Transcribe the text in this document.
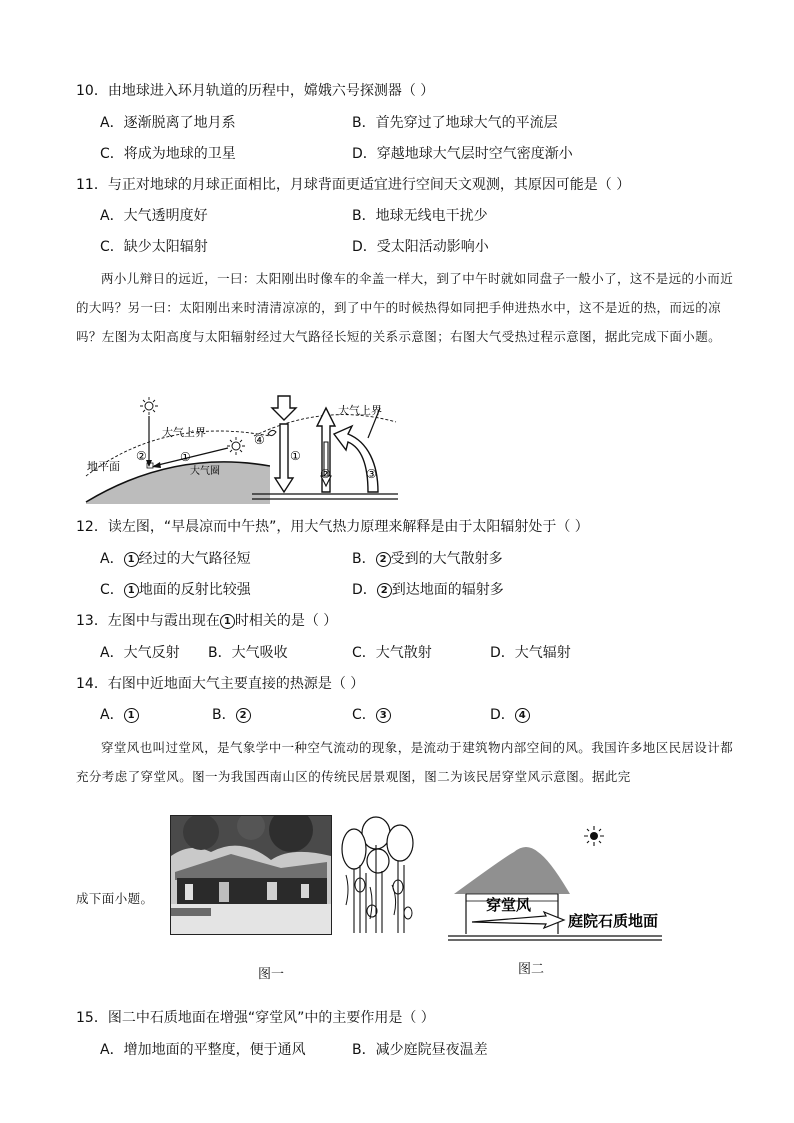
10．由地球进入环月轨道的历程中，嫦娥六号探测器（ ）
A．逐渐脱离了地月系	B．首先穿过了地球大气的平流层
C．将成为地球的卫星	D．穿越地球大气层时空气密度渐小
11．与正对地球的月球正面相比，月球背面更适宜进行空间天文观测，其原因可能是（ ）
A．大气透明度好	B．地球无线电干扰少
C．缺少太阳辐射	D．受太阳活动影响小
两小儿辩日的远近，一曰：太阳刚出时像车的伞盖一样大，到了中午时就如同盘子一般小了，这不是远的小而近的大吗？另一曰：太阳刚出来时清清凉凉的，到了中午的时候热得如同把手伸进热水中，这不是近的热，而远的凉吗？左图为太阳高度与太阳辐射经过大气路径长短的关系示意图；右图大气受热过程示意图，据此完成下面小题。
大气上界
②	①
地平面	大气圈
④
①
②	③
大气上界
12．读左图，“早晨凉而中午热”，用大气热力原理来解释是由于太阳辐射处于（ ）
A． 1 经过的大气路径短	B． 2 受到的大气散射多
C． 1 地面的反射比较强	D． 2 到达地面的辐射多
13．左图中与霞出现在 1 时相关的是（ ）
A．大气反射 B．大气吸收	C．大气散射	D．大气辐射
14．右图中近地面大气主要直接的热源是（ ）
A． 1	B． 2	C． 3	D． 4
穿堂风也叫过堂风，是气象学中一种空气流动的现象，是流动于建筑物内部空间的风。我国许多地区民居设计都充分考虑了穿堂风。图一为我国西南山区的传统民居景观图，图二为该民居穿堂风示意图。据此完
成下面小题。
图一
穿堂风
庭院石质地面
图二
15．图二中石质地面在增强“穿堂风”中的主要作用是（ ）
A．增加地面的平整度，便于通风	B．减少庭院昼夜温差
